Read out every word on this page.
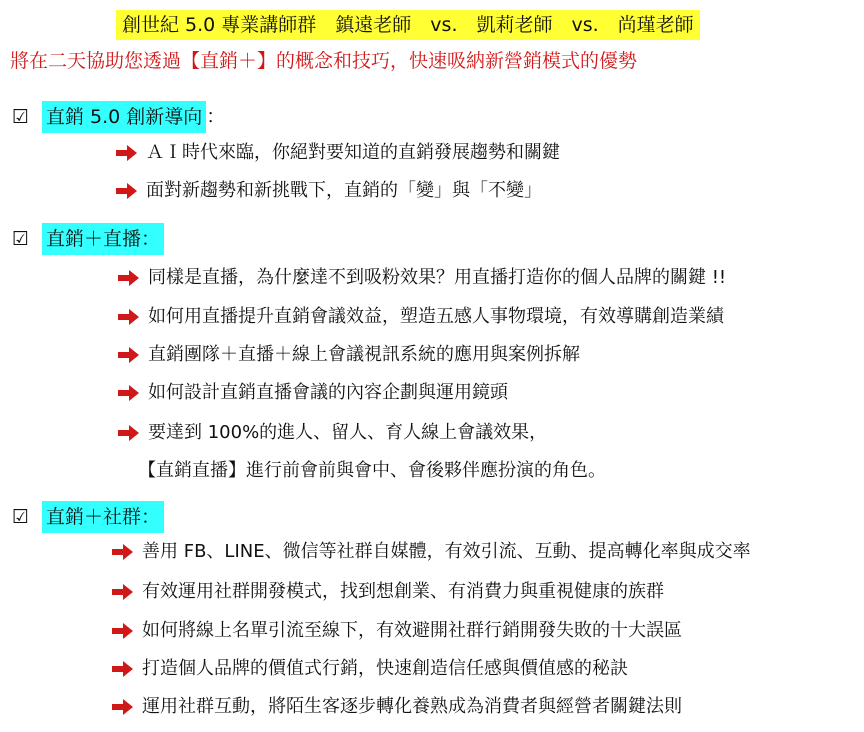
創世紀 5.0 專業講師群　鎮遠老師　vs.　凱莉老師　vs.　尚瑾老師
將在二天協助您透過【直銷＋】的概念和技巧，快速吸納新營銷模式的優勢
☑ 直銷 5.0 創新導向 ：
ＡＩ時代來臨，你絕對要知道的直銷發展趨勢和關鍵
面對新趨勢和新挑戰下，直銷的「變」與「不變」
☑ 直銷＋直播：
同樣是直播，為什麼達不到吸粉效果？用直播打造你的個人品牌的關鍵 !!
如何用直播提升直銷會議效益，塑造五感人事物環境，有效導購創造業績
直銷團隊＋直播＋線上會議視訊系統的應用與案例拆解
如何設計直銷直播會議的內容企劃與運用鏡頭
要達到 100%的進人、留人、育人線上會議效果，
【直銷直播】進行前會前與會中、會後夥伴應扮演的角色。
☑ 直銷＋社群：
善用 FB、LINE、微信等社群自媒體，有效引流、互動、提高轉化率與成交率
有效運用社群開發模式，找到想創業、有消費力與重視健康的族群
如何將線上名單引流至線下，有效避開社群行銷開發失敗的十大誤區
打造個人品牌的價值式行銷，快速創造信任感與價值感的秘訣
運用社群互動，將陌生客逐步轉化養熟成為消費者與經營者關鍵法則
